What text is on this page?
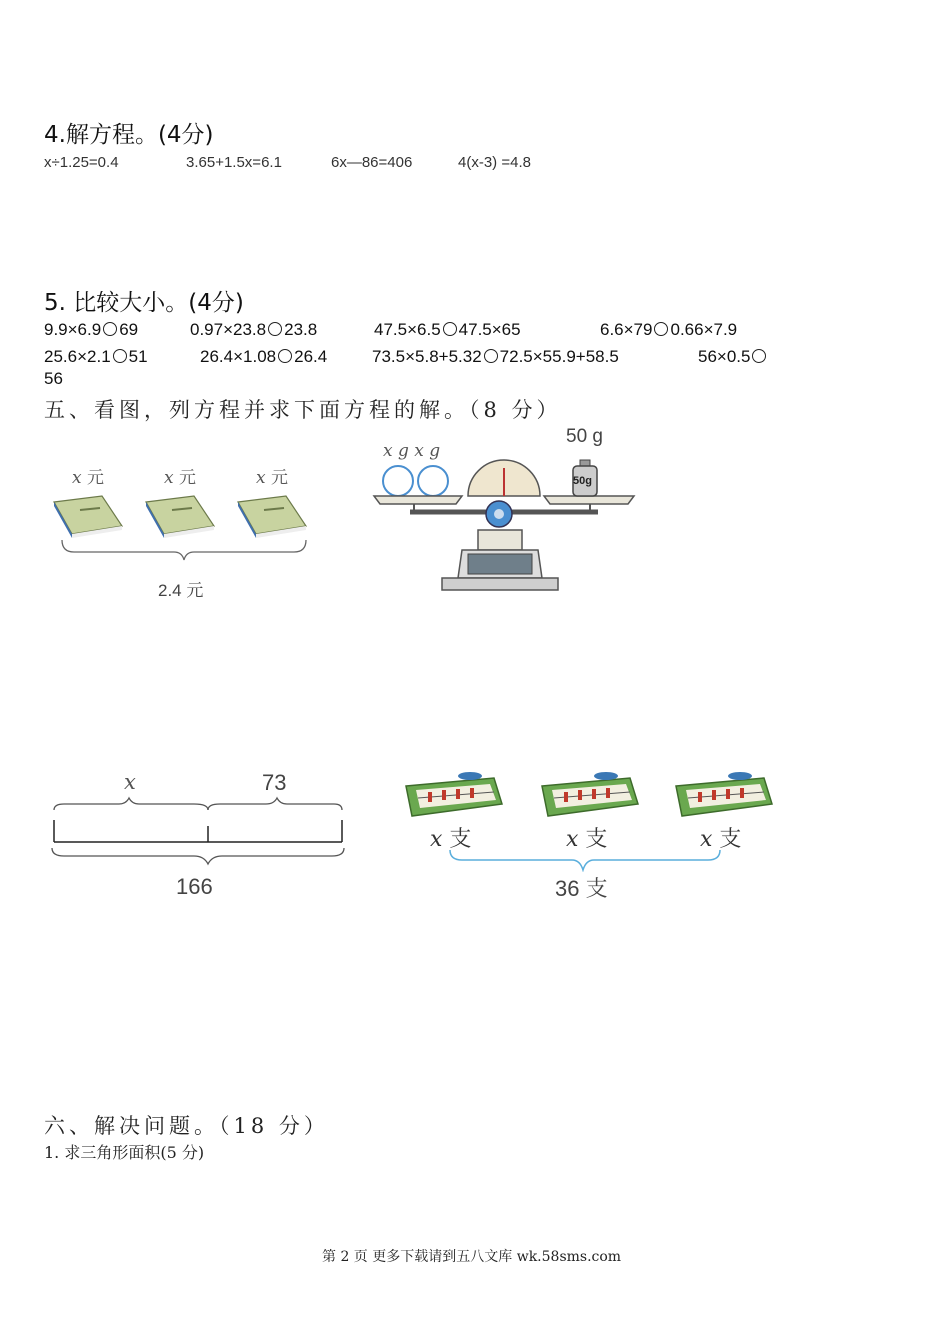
4.解方程。(4分)
x÷1.25=0.4	3.65+1.5x=6.1	6x—86=406	4(x-3) =4.8
5. 比较大小。(4分)
9.9×6.9 69	0.97×23.8 23.8	47.5×6.5 47.5×65	6.6×79 0.66×7.9
25.6×2.1 51	26.4×1.08 26.4	73.5×5.8+5.32 72.5×55.9+58.5	56×0.5
56
五、看图，列方程并求下面方程的解。（8 分）
x 元	x 元	x 元
2.4 元
x g x g
50 g
50g
x	73
166
x 支	x 支	x 支
36 支
六、解决问题。（18 分）
1. 求三角形面积(5 分)
第 2 页 更多下载请到五八文库 wk.58sms.com
